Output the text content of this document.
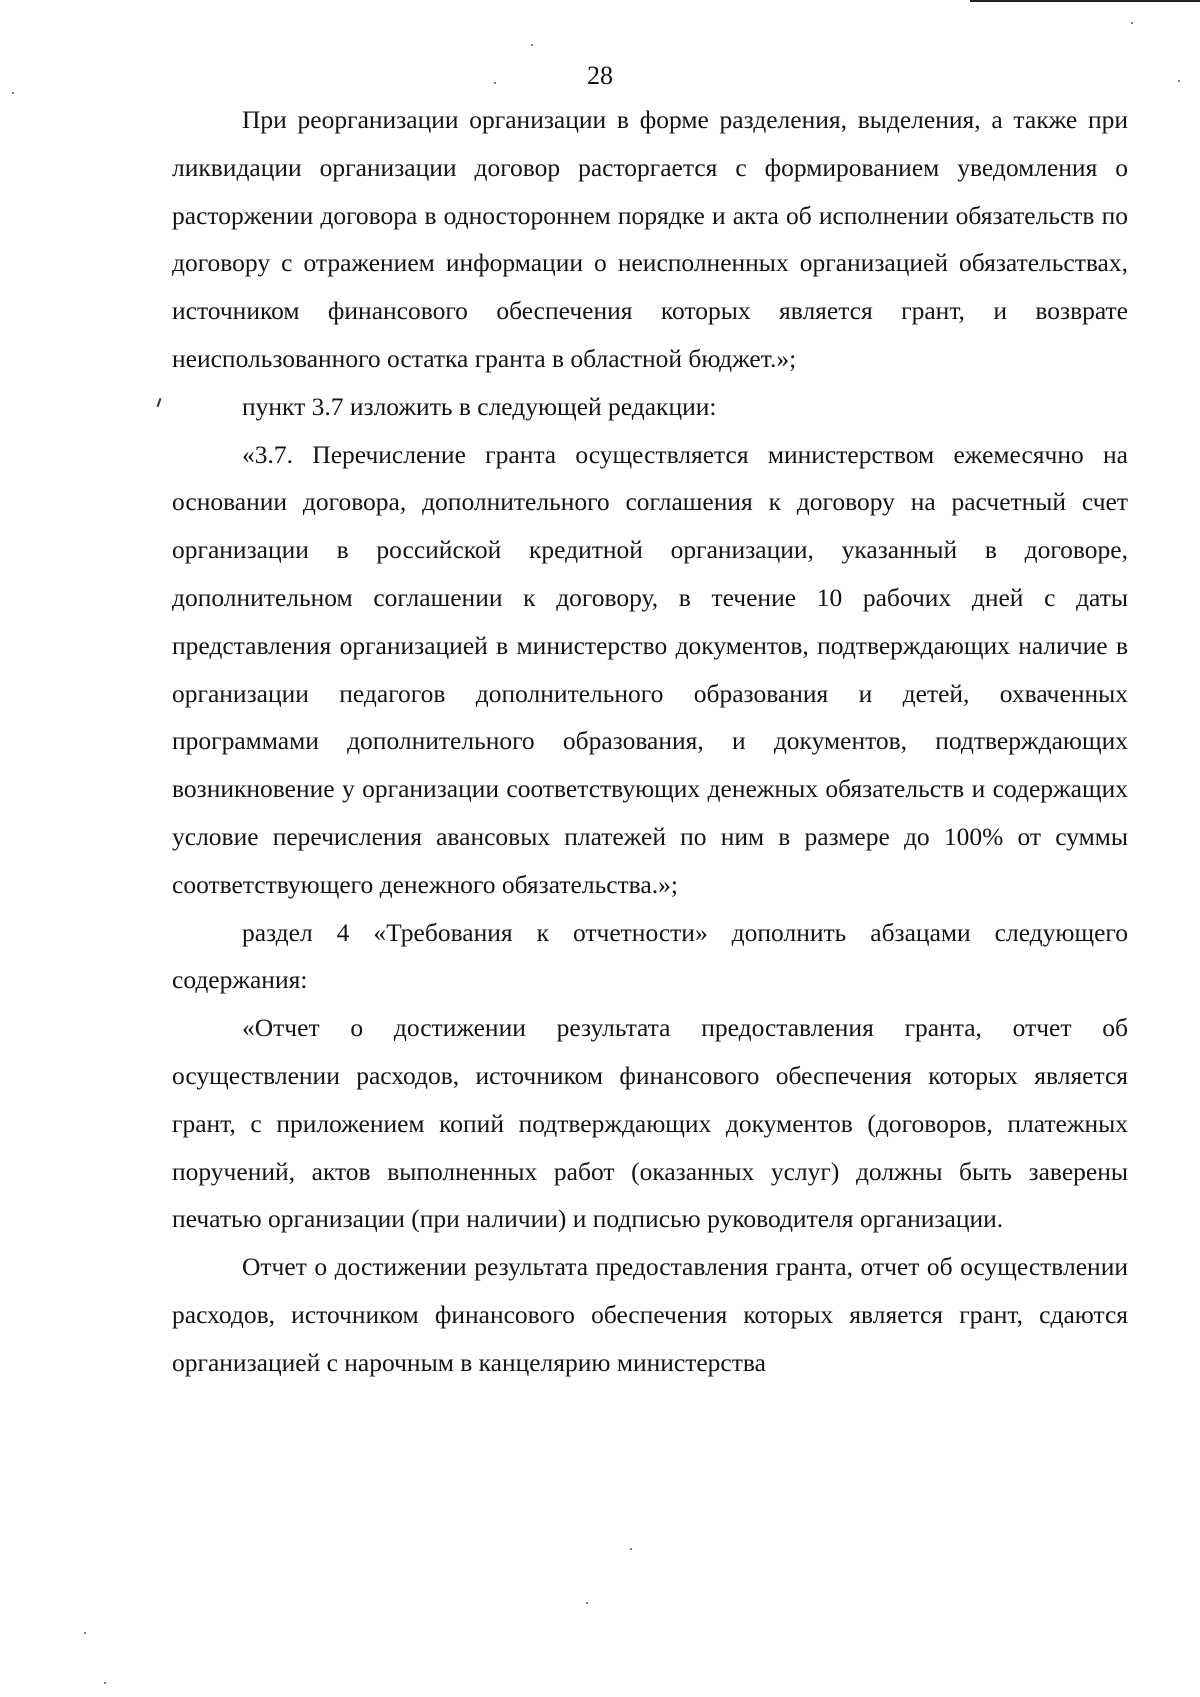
28

При реорганизации организации в форме разделения, выделения, а также при ликвидации организации договор расторгается с формированием уведомления о расторжении договора в одностороннем порядке и акта об исполнении обязательств по договору с отражением информации о неисполненных организацией обязательствах, источником финансового обеспечения которых является грант, и возврате неиспользованного остатка гранта в областной бюджет.»;

пункт 3.7 изложить в следующей редакции:

«3.7. Перечисление гранта осуществляется министерством ежемесячно на основании договора, дополнительного соглашения к договору на расчетный счет организации в российской кредитной организации, указанный в договоре, дополнительном соглашении к договору, в течение 10 рабочих дней с даты представления организацией в министерство документов, подтверждающих наличие в организации педагогов дополнительного образования и детей, охваченных программами дополнительного образования, и документов, подтверждающих возникновение у организации соответствующих денежных обязательств и содержащих условие перечисления авансовых платежей по ним в размере до 100% от суммы соответствующего денежного обязательства.»;

раздел 4 «Требования к отчетности» дополнить абзацами следующего содержания:

«Отчет о достижении результата предоставления гранта, отчет об осуществлении расходов, источником финансового обеспечения которых является грант, с приложением копий подтверждающих документов (договоров, платежных поручений, актов выполненных работ (оказанных услуг) должны быть заверены печатью организации (при наличии) и подписью руководителя организации.

Отчет о достижении результата предоставления гранта, отчет об осуществлении расходов, источником финансового обеспечения которых является грант, сдаются организацией с нарочным в канцелярию министерства
